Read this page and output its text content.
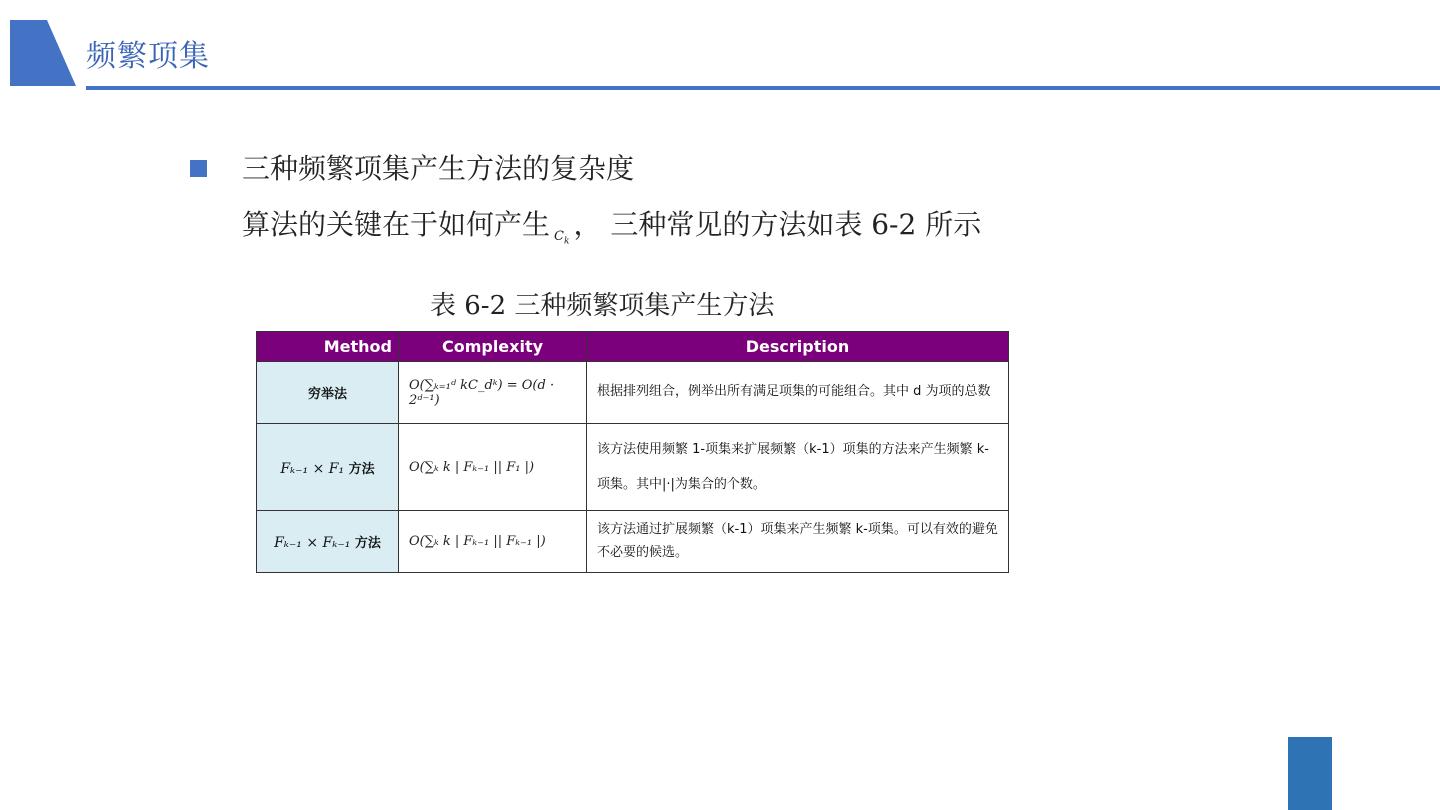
频繁项集
三种频繁项集产生方法的复杂度
算法的关键在于如何产生 $_{C_k}$， 三种常见的方法如表 6-2 所示
表 6-2 三种频繁项集产生方法
Method	Complexity	Description
穷举法	O(∑ₖ₌₁ᵈ kC_dᵏ) = O(d · 2ᵈ⁻¹)	根据排列组合，例举出所有满足项集的可能组合。其中 d 为项的总数
Fₖ₋₁ × F₁ 方法	O(∑ₖ k | Fₖ₋₁ || F₁ |)	该方法使用频繁 1-项集来扩展频繁（k-1）项集的方法来产生频繁 k-项集。其中|·|为集合的个数。
Fₖ₋₁ × Fₖ₋₁ 方法	O(∑ₖ k | Fₖ₋₁ || Fₖ₋₁ |)	该方法通过扩展频繁（k-1）项集来产生频繁 k-项集。可以有效的避免不必要的候选。
